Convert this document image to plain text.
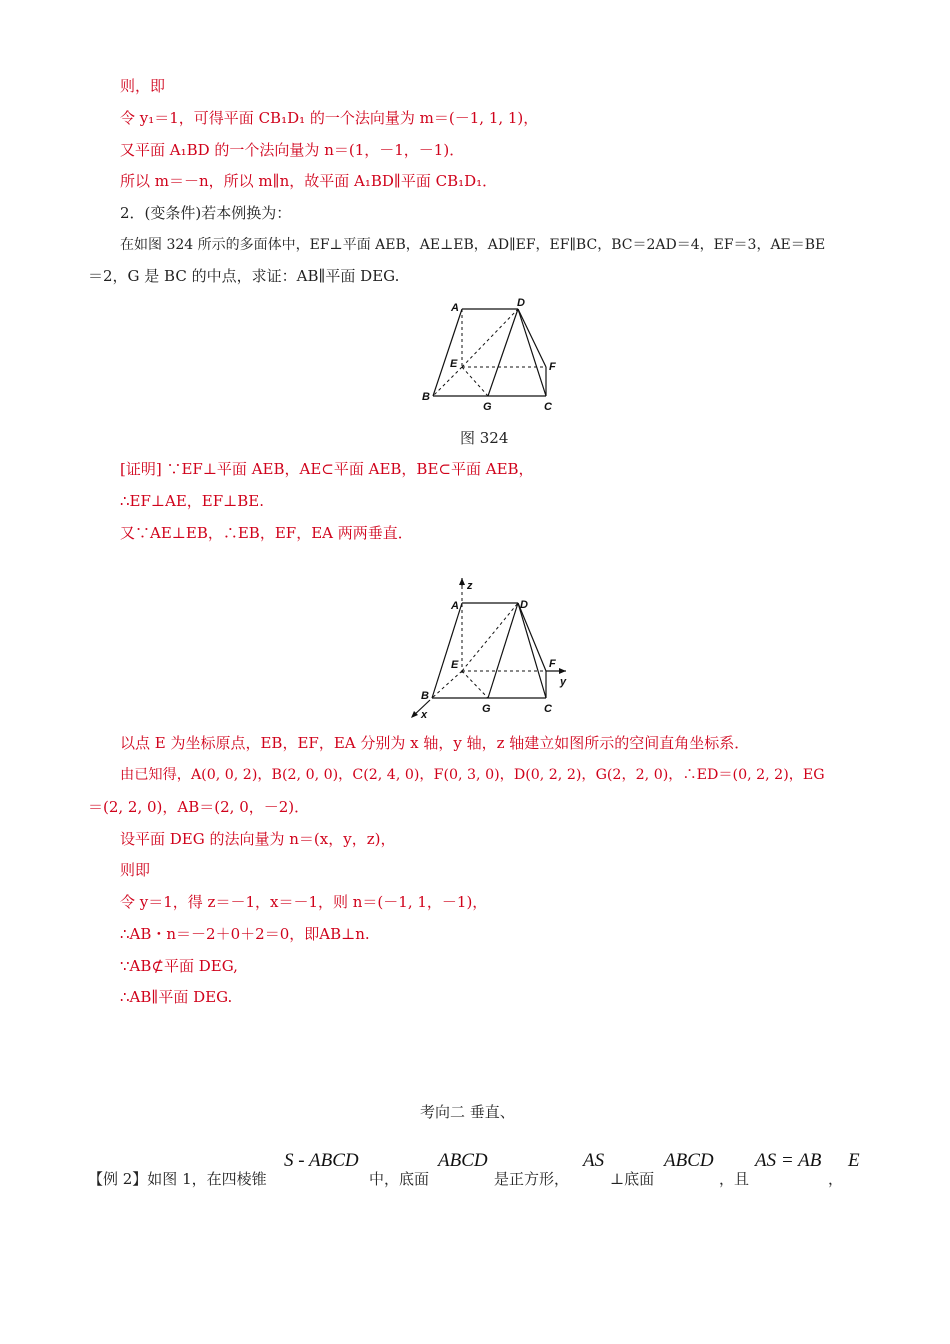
则，即
令 y₁＝1，可得平面 CB₁D₁ 的一个法向量为 m＝(－1, 1, 1)，
又平面 A₁BD 的一个法向量为 n＝(1，－1，－1)．
所以 m＝－n，所以 m∥n，故平面 A₁BD∥平面 CB₁D₁．
2．(变条件)若本例换为：
在如图 324 所示的多面体中，EF⊥平面 AEB，AE⊥EB，AD∥EF，EF∥BC，BC＝2AD＝4，EF＝3，AE＝BE
＝2，G 是 BC 的中点，求证：AB∥平面 DEG.
A	D
E	F
B
G	C
图 324
[证明] ∵EF⊥平面 AEB，AE⊂平面 AEB，BE⊂平面 AEB，
∴EF⊥AE，EF⊥BE.
又∵AE⊥EB，∴EB，EF，EA 两两垂直．
z
y
x
A	D
E	F
B
G	C
以点 E 为坐标原点，EB，EF，EA 分别为 x 轴，y 轴，z 轴建立如图所示的空间直角坐标系．
由已知得，A(0, 0, 2)，B(2, 0, 0)，C(2, 4, 0)，F(0, 3, 0)，D(0, 2, 2)，G(2，2, 0)，∴ED＝(0, 2, 2)，EG
＝(2, 2, 0)，AB＝(2, 0，－2)．
设平面 DEG 的法向量为 n＝(x，y，z)，
则即
令 y＝1，得 z＝－1，x＝－1，则 n＝(－1, 1，－1)，
∴AB・n＝－2＋0＋2＝0，即AB⊥n.
∵AB⊄平面 DEG,
∴AB∥平面 DEG.
考向二 垂直、
【例 2】如图 1，在四棱锥
S - ABCD
中，底面
ABCD
是正方形，
AS
⊥底面
ABCD
，且
AS = AB
，
E
